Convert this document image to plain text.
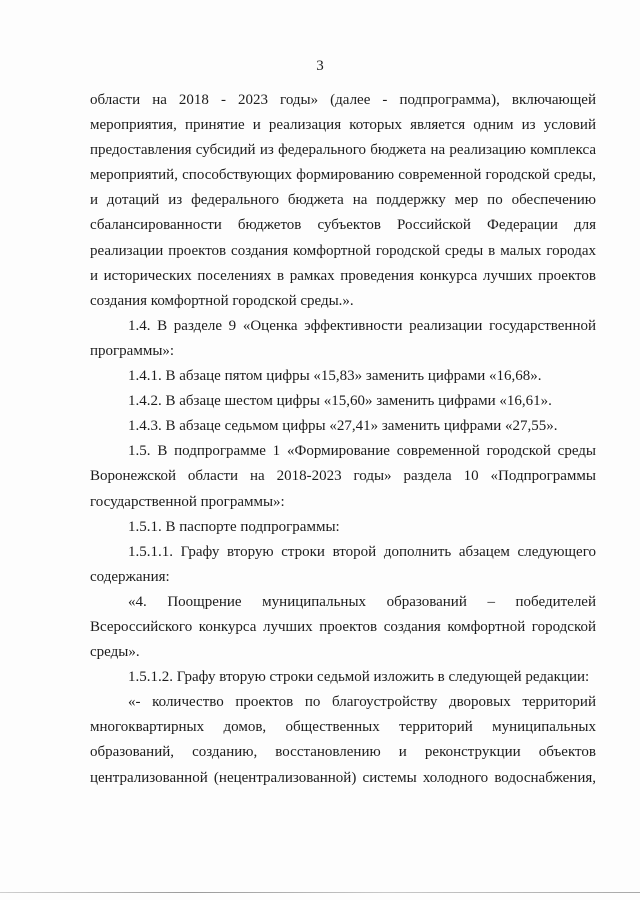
3

области на 2018 - 2023 годы» (далее - подпрограмма), включающей мероприятия, принятие и реализация которых является одним из условий предоставления субсидий из федерального бюджета на реализацию комплекса мероприятий, способствующих формированию современной городской среды, и дотаций из федерального бюджета на поддержку мер по обеспечению сбалансированности бюджетов субъектов Российской Федерации для реализации проектов создания комфортной городской среды в малых городах и исторических поселениях в рамках проведения конкурса лучших проектов создания комфортной городской среды.».

1.4. В разделе 9 «Оценка эффективности реализации государственной программы»:

1.4.1. В абзаце пятом цифры «15,83» заменить цифрами «16,68».

1.4.2. В абзаце шестом цифры «15,60» заменить цифрами «16,61».

1.4.3. В абзаце седьмом цифры «27,41» заменить цифрами «27,55».

1.5. В подпрограмме 1 «Формирование современной городской среды Воронежской области на 2018-2023 годы» раздела 10 «Подпрограммы государственной программы»:

1.5.1. В паспорте подпрограммы:

1.5.1.1. Графу вторую строки второй дополнить абзацем следующего содержания:

«4. Поощрение муниципальных образований – победителей Всероссийского конкурса лучших проектов создания комфортной городской среды».

1.5.1.2. Графу вторую строки седьмой изложить в следующей редакции:

«- количество проектов по благоустройству дворовых территорий многоквартирных домов, общественных территорий муниципальных образований, созданию, восстановлению и реконструкции объектов централизованной (нецентрализованной) системы холодного водоснабжения,
